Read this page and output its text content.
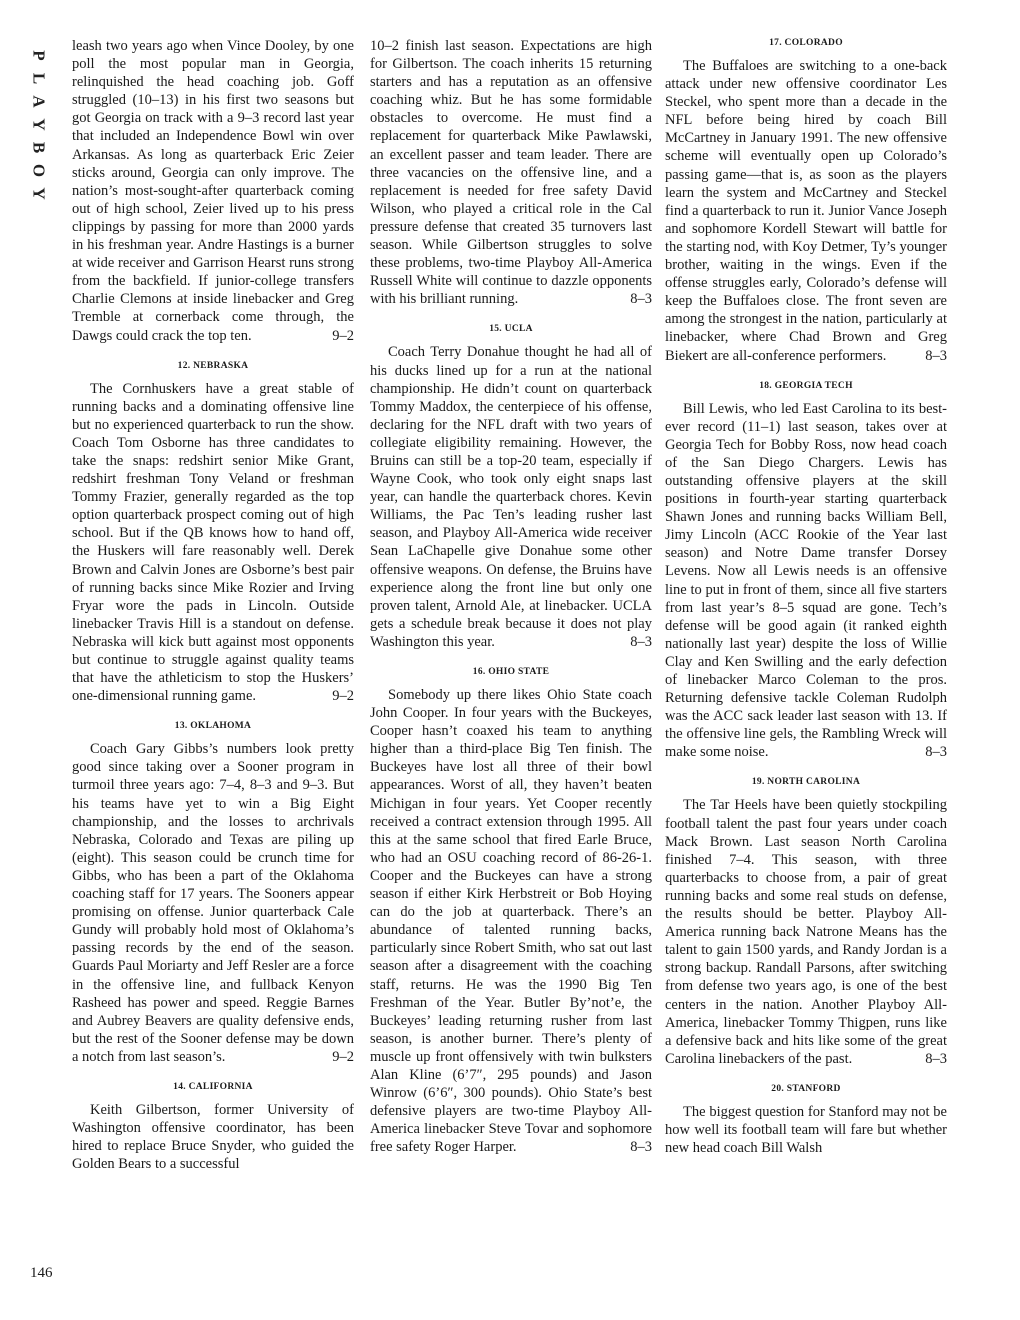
P
L
A
Y
B
O
Y
146

leash two years ago when Vince Dooley, by one poll the most popular man in Georgia, relinquished the head coaching job. Goff struggled (10–13) in his first two seasons but got Georgia on track with a 9–3 record last year that included an Independence Bowl win over Arkansas. As long as quarterback Eric Zeier sticks around, Georgia can only improve. The nation’s most-sought-after quarterback coming out of high school, Zeier lived up to his press clippings by passing for more than 2000 yards in his freshman year. Andre Hastings is a burner at wide receiver and Garrison Hearst runs strong from the backfield. If junior-college transfers Charlie Clemons at inside linebacker and Greg Tremble at cornerback come through, the Dawgs could crack the top ten.	9–2

12. NEBRASKA

The Cornhuskers have a great stable of running backs and a dominating offensive line but no experienced quarterback to run the show. Coach Tom Osborne has three candidates to take the snaps: redshirt senior Mike Grant, redshirt freshman Tony Veland or freshman Tommy Frazier, generally regarded as the top option quarterback prospect coming out of high school. But if the QB knows how to hand off, the Huskers will fare reasonably well. Derek Brown and Calvin Jones are Osborne’s best pair of running backs since Mike Rozier and Irving Fryar wore the pads in Lincoln. Outside linebacker Travis Hill is a standout on defense. Nebraska will kick butt against most opponents but continue to struggle against quality teams that have the athleticism to stop the Huskers’ one-dimensional running game.	9–2

13. OKLAHOMA

Coach Gary Gibbs’s numbers look pretty good since taking over a Sooner program in turmoil three years ago: 7–4, 8–3 and 9–3. But his teams have yet to win a Big Eight championship, and the losses to archrivals Nebraska, Colorado and Texas are piling up (eight). This season could be crunch time for Gibbs, who has been a part of the Oklahoma coaching staff for 17 years. The Sooners appear promising on offense. Junior quarterback Cale Gundy will probably hold most of Oklahoma’s passing records by the end of the season. Guards Paul Moriarty and Jeff Resler are a force in the offensive line, and fullback Kenyon Rasheed has power and speed. Reggie Barnes and Aubrey Beavers are quality defensive ends, but the rest of the Sooner defense may be down a notch from last season’s.	9–2

14. CALIFORNIA

Keith Gilbertson, former University of Washington offensive coordinator, has been hired to replace Bruce Snyder, who guided the Golden Bears to a successful

10–2 finish last season. Expectations are high for Gilbertson. The coach inherits 15 returning starters and has a reputation as an offensive coaching whiz. But he has some formidable obstacles to overcome. He must find a replacement for quarterback Mike Pawlawski, an excellent passer and team leader. There are three vacancies on the offensive line, and a replacement is needed for free safety David Wilson, who played a critical role in the Cal pressure defense that created 35 turnovers last season. While Gilbertson struggles to solve these problems, two-time Playboy All-America Russell White will continue to dazzle opponents with his brilliant running.	8–3

15. UCLA

Coach Terry Donahue thought he had all of his ducks lined up for a run at the national championship. He didn’t count on quarterback Tommy Maddox, the centerpiece of his offense, declaring for the NFL draft with two years of collegiate eligibility remaining. However, the Bruins can still be a top-20 team, especially if Wayne Cook, who took only eight snaps last year, can handle the quarterback chores. Kevin Williams, the Pac Ten’s leading rusher last season, and Playboy All-America wide receiver Sean LaChapelle give Donahue some other offensive weapons. On defense, the Bruins have experience along the front line but only one proven talent, Arnold Ale, at linebacker. UCLA gets a schedule break because it does not play Washington this year.	8–3

16. OHIO STATE

Somebody up there likes Ohio State coach John Cooper. In four years with the Buckeyes, Cooper hasn’t coaxed his team to anything higher than a third-place Big Ten finish. The Buckeyes have lost all three of their bowl appearances. Worst of all, they haven’t beaten Michigan in four years. Yet Cooper recently received a contract extension through 1995. All this at the same school that fired Earle Bruce, who had an OSU coaching record of 86-26-1. Cooper and the Buckeyes can have a strong season if either Kirk Herbstreit or Bob Hoying can do the job at quarterback. There’s an abundance of talented running backs, particularly since Robert Smith, who sat out last season after a disagreement with the coaching staff, returns. He was the 1990 Big Ten Freshman of the Year. Butler By’not’e, the Buckeyes’ leading returning rusher from last season, is another burner. There’s plenty of muscle up front offensively with twin bulksters Alan Kline (6’7″, 295 pounds) and Jason Winrow (6’6″, 300 pounds). Ohio State’s best defensive players are two-time Playboy All-America linebacker Steve Tovar and sophomore free safety Roger Harper.	8–3

17. COLORADO

The Buffaloes are switching to a one-back attack under new offensive coordinator Les Steckel, who spent more than a decade in the NFL before being hired by coach Bill McCartney in January 1991. The new offensive scheme will eventually open up Colorado’s passing game—that is, as soon as the players learn the system and McCartney and Steckel find a quarterback to run it. Junior Vance Joseph and sophomore Kordell Stewart will battle for the starting nod, with Koy Detmer, Ty’s younger brother, waiting in the wings. Even if the offense struggles early, Colorado’s defense will keep the Buffaloes close. The front seven are among the strongest in the nation, particularly at linebacker, where Chad Brown and Greg Biekert are all-conference performers.	8–3

18. GEORGIA TECH

Bill Lewis, who led East Carolina to its best-ever record (11–1) last season, takes over at Georgia Tech for Bobby Ross, now head coach of the San Diego Chargers. Lewis has outstanding offensive players at the skill positions in fourth-year starting quarterback Shawn Jones and running backs William Bell, Jimy Lincoln (ACC Rookie of the Year last season) and Notre Dame transfer Dorsey Levens. Now all Lewis needs is an offensive line to put in front of them, since all five starters from last year’s 8–5 squad are gone. Tech’s defense will be good again (it ranked eighth nationally last year) despite the loss of Willie Clay and Ken Swilling and the early defection of linebacker Marco Coleman to the pros. Returning defensive tackle Coleman Rudolph was the ACC sack leader last season with 13. If the offensive line gels, the Rambling Wreck will make some noise.	8–3

19. NORTH CAROLINA

The Tar Heels have been quietly stockpiling football talent the past four years under coach Mack Brown. Last season North Carolina finished 7–4. This season, with three quarterbacks to choose from, a pair of great running backs and some real studs on defense, the results should be better. Playboy All-America running back Natrone Means has the talent to gain 1500 yards, and Randy Jordan is a strong backup. Randall Parsons, after switching from defense two years ago, is one of the best centers in the nation. Another Playboy All-America, linebacker Tommy Thigpen, runs like a defensive back and hits like some of the great Carolina linebackers of the past.	8–3

20. STANFORD

The biggest question for Stanford may not be how well its football team will fare but whether new head coach Bill Walsh
